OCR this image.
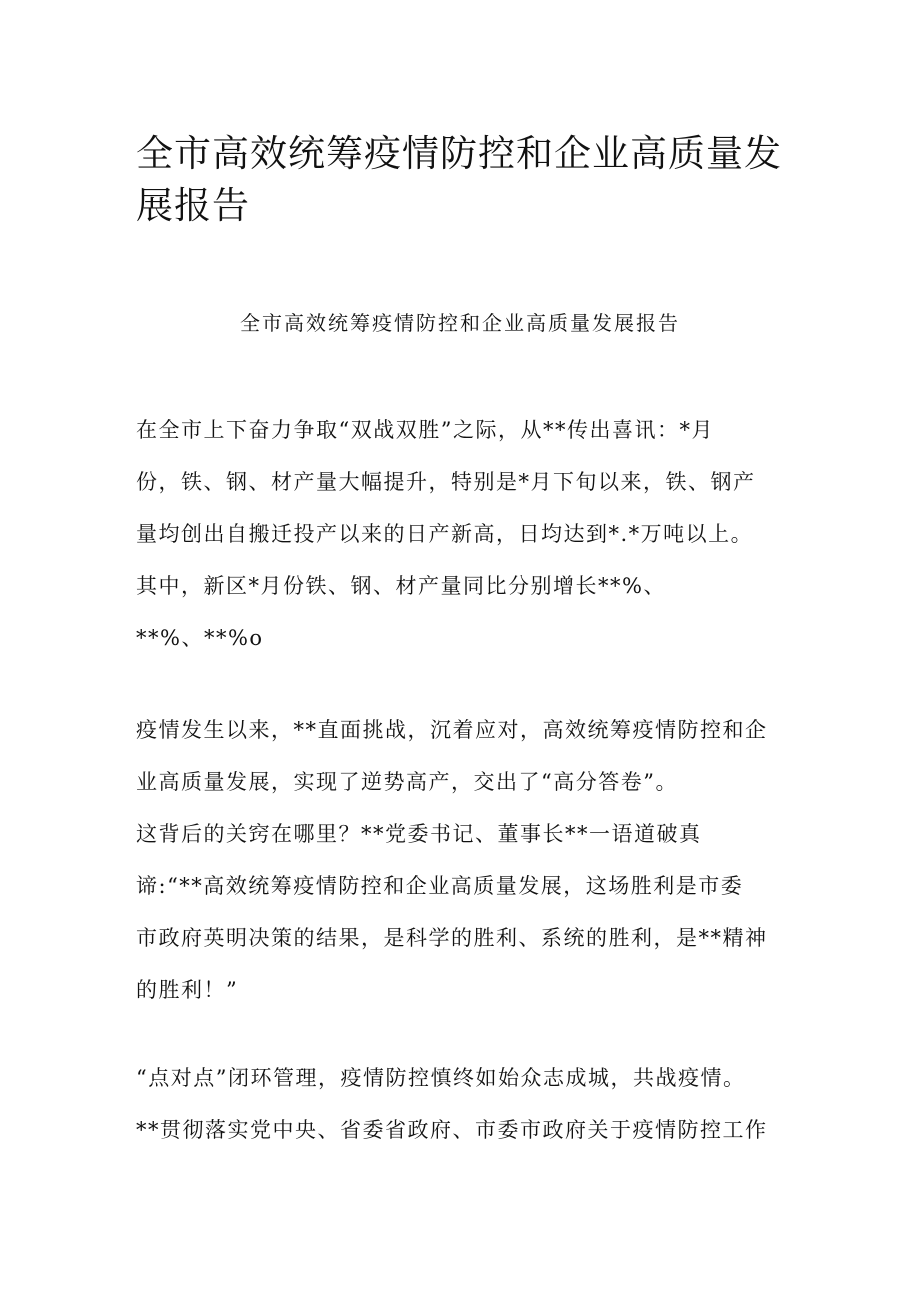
全市高效统筹疫情防控和企业高质量发展报告

全市高效统筹疫情防控和企业高质量发展报告

在全市上下奋力争取“双战双胜”之际，从**传出喜讯：*月
份，铁、钢、材产量大幅提升，特别是*月下旬以来，铁、钢产
量均创出自搬迁投产以来的日产新高，日均达到*.*万吨以上。
其中，新区*月份铁、钢、材产量同比分别增长**%、
**%、**%o
疫情发生以来，**直面挑战，沉着应对，高效统筹疫情防控和企
业高质量发展，实现了逆势高产，交出了“高分答卷”。
这背后的关窍在哪里？**党委书记、董事长**一语道破真
谛:“**高效统筹疫情防控和企业高质量发展，这场胜利是市委
市政府英明决策的结果，是科学的胜利、系统的胜利，是**精神
的胜利！”
“点对点”闭环管理，疫情防控慎终如始众志成城，共战疫情。
**贯彻落实党中央、省委省政府、市委市政府关于疫情防控工作
